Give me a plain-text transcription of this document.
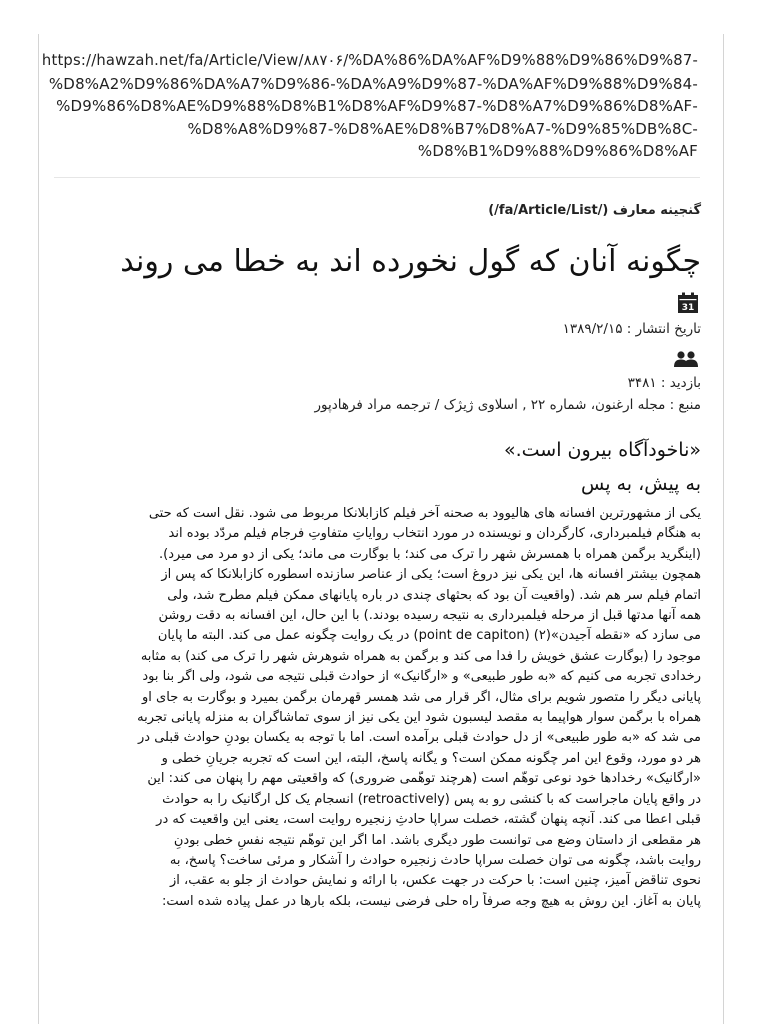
https://hawzah.net/fa/Article/View/۸۸۷۰۶/%DA%86%DA%AF%D9%88%D9%86%D9%87-
%D8%A2%D9%86%DA%A7%D9%86-%DA%A9%D9%87-%DA%AF%D9%88%D9%84-
%D9%86%D8%AE%D9%88%D8%B1%D8%AF%D9%87-%D8%A7%D9%86%D8%AF-
%D8%A8%D9%87-%D8%AE%D8%B7%D8%A7-%D9%85%DB%8C-
%D8%B1%D9%88%D9%86%D8%AF
گنجینه معارف (/fa/Article/List/)
چگونه آنان که گول نخورده اند به خطا می روند
31
تاریخ انتشار : ۱۳۸۹/۲/۱۵
بازدید : ۳۴۸۱
منبع : مجله ارغنون، شماره ۲۲ , اسلاوی ژیژک / ترجمه مراد فرهادپور
«ناخودآگاه بیرون است.»
به پیش، به پس
یکی از مشهورترین افسانه های هالیوود به صحنه آخر فیلم کازابلانکا مربوط می شود. نقل است که حتی
به هنگام فیلمبرداری، کارگردان و نویسنده در مورد انتخاب روایاتِ متفاوتِ فرجام فیلم مردّد بوده اند
(اینگرید برگمن همراه با همسرش شهر را ترک می کند؛ با بوگارت می ماند؛ یکی از دو مرد می میرد).
همچون بیشتر افسانه ها، این یکی نیز دروغ است؛ یکی از عناصر سازنده اسطوره کازابلانکا که پس از
اتمام فیلم سر هم شد. (واقعیت آن بود که بحثهای چندی در باره پایانهای ممکن فیلم مطرح شد، ولی
همه آنها مدتها قبل از مرحله فیلمبرداری به نتیجه رسیده بودند.) با این حال، این افسانه به دقت روشن
می سازد که «نقطه آجیدن»(۲) (point de capiton) در یک روایت چگونه عمل می کند. البته ما پایان
موجود را (بوگارت عشق خویش را فدا می کند و برگمن به همراه شوهرش شهر را ترک می کند) به مثابه
رخدادی تجربه می کنیم که «به طور طبیعی» و «ارگانیک» از حوادث قبلی نتیجه می شود، ولی اگر بنا بود
پایانی دیگر را متصور شویم برای مثال، اگر قرار می شد همسر قهرمان برگمن بمیرد و بوگارت به جای او
همراه با برگمن سوار هواپیما به مقصد لیسبون شود این یکی نیز از سوی تماشاگران به منزله پایانی تجربه
می شد که «به طور طبیعی» از دل حوادث قبلی برآمده است. اما با توجه به یکسان بودنِ حوادث قبلی در
هر دو مورد، وقوع این امر چگونه ممکن است؟ و یگانه پاسخ، البته، این است که تجربه جریانِ خطی و
«ارگانیک» رخدادها خود نوعی توهّم است (هرچند توهّمی ضروری) که واقعیتی مهم را پنهان می کند: این
در واقع پایان ماجراست که با کنشی رو به پس (retroactively) انسجام یک کل ارگانیک را به حوادث
قبلی اعطا می کند. آنچه پنهان گشته، خصلت سراپا حادثِ زنجیره روایت است، یعنی این واقعیت که در
هر مقطعی از داستان وضع می توانست طور دیگری باشد. اما اگر این توهّم نتیجه نفسِ خطی بودنِ
روایت باشد، چگونه می توان خصلت سراپا حادث زنجیره حوادث را آشکار و مرئی ساخت؟ پاسخ، به
نحوی تناقض آمیز، چنین است: با حرکت در جهت عکس، با ارائه و نمایش حوادث از جلو به عقب، از
پایان به آغاز. این روش به هیچ وجه صرفاً راه حلی فرضی نیست، بلکه بارها در عمل پیاده شده است:
